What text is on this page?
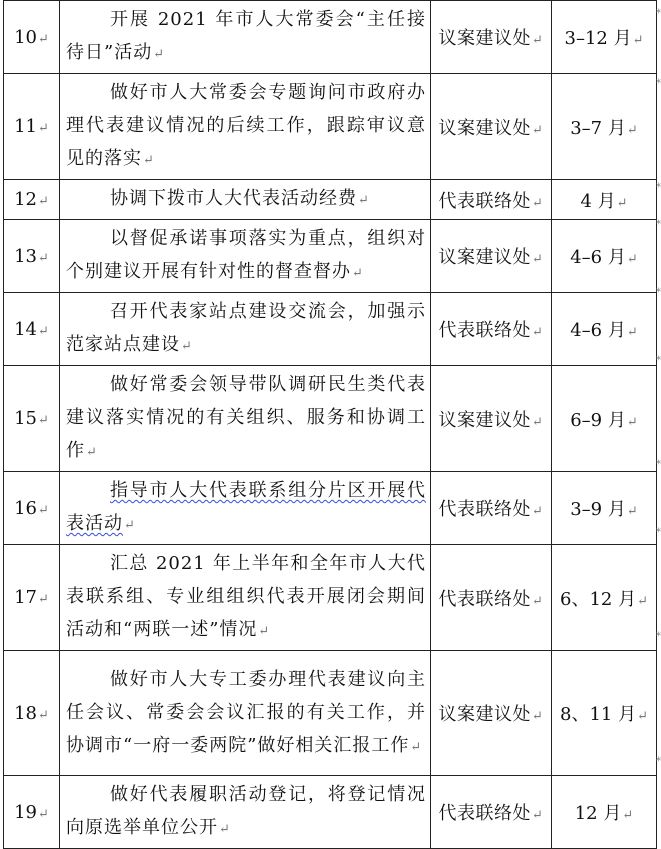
10↵	开展 2021 年市人大常委会“主任接待日”活动↵	议案建议处↵	3–12 月↵
11↵	做好市人大常委会专题询问市政府办理代表建议情况的后续工作，跟踪审议意见的落实↵	议案建议处↵	3–7 月↵
12↵	协调下拨市人大代表活动经费↵	代表联络处↵	4 月↵
13↵	以督促承诺事项落实为重点，组织对个别建议开展有针对性的督查督办↵	议案建议处↵	4–6 月↵
14↵	召开代表家站点建设交流会，加强示范家站点建设↵	代表联络处↵	4–6 月↵
15↵	做好常委会领导带队调研民生类代表建议落实情况的有关组织、服务和协调工作↵	议案建议处↵	6–9 月↵
16↵	指导市人大代表联系组分片区开展代表活动↵	代表联络处↵	3–9 月↵
17↵	汇总 2021 年上半年和全年市人大代表联系组、专业组组织代表开展闭会期间活动和“两联一述”情况↵	代表联络处↵	6、12 月↵
18↵	做好市人大专工委办理代表建议向主任会议、常委会会议汇报的有关工作，并协调市“一府一委两院”做好相关汇报工作↵	议案建议处↵	8、11 月↵
19↵	做好代表履职活动登记，将登记情况向原选举单位公开↵	代表联络处↵	12 月↵
*
*
*
*
*
*
*
*
*
*
